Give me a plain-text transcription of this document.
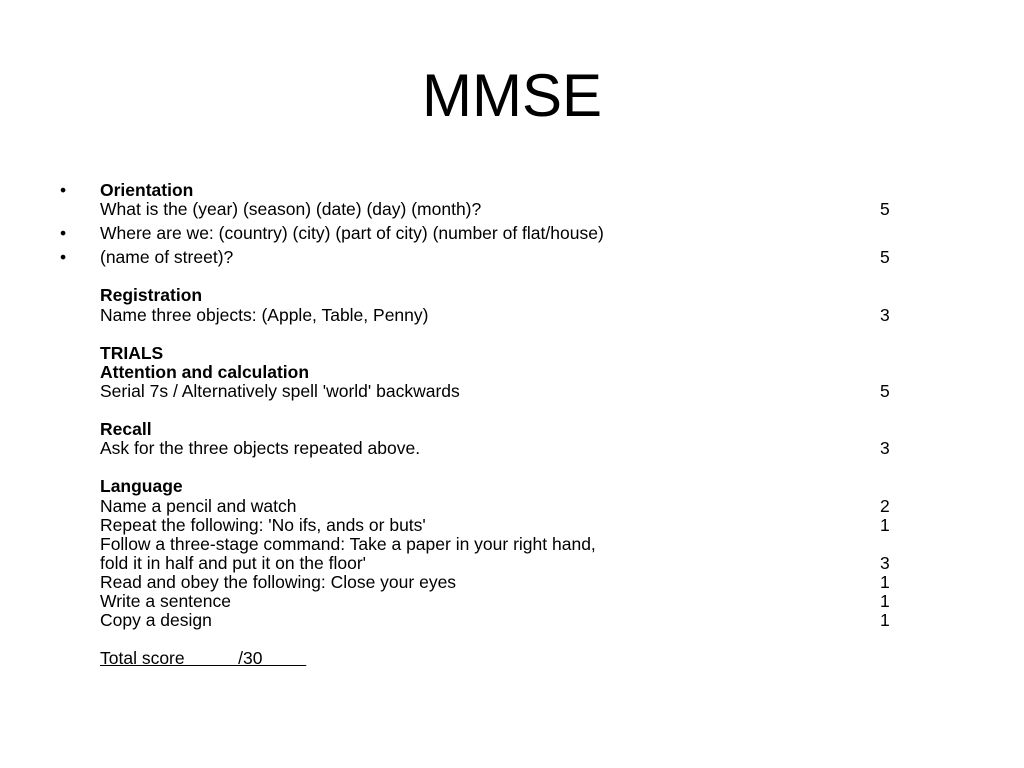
MMSE
• Orientation
What is the (year) (season) (date) (day) (month)?	5
• Where are we: (country) (city) (part of city) (number of flat/house)
• (name of street)?	5
Registration
Name three objects: (Apple, Table, Penny)	3
TRIALS
Attention and calculation
Serial 7s / Alternatively spell 'world' backwards	5
Recall
Ask for the three objects repeated above.	3
Language
Name a pencil and watch	2
Repeat the following: 'No ifs, ands or buts'	1
Follow a three-stage command: Take a paper in your right hand,
fold it in half and put it on the floor'	3
Read and obey the following: Close your eyes	1
Write a sentence	1
Copy a design	1
Total score           /30
